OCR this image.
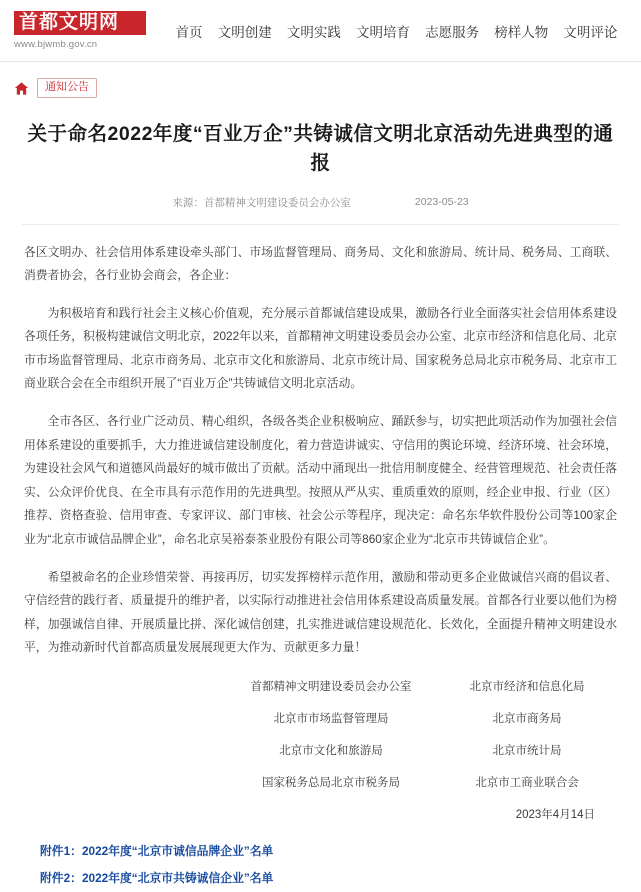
首都文明网
www.bjwmb.gov.cn
首页 文明创建 文明实践 文明培育 志愿服务 榜样人物 文明评论
通知公告
关于命名2022年度“百业万企”共铸诚信文明北京活动先进典型的通报
来源：首都精神文明建设委员会办公室	2023-05-23

各区文明办、社会信用体系建设牵头部门、市场监督管理局、商务局、文化和旅游局、统计局、税务局、工商联、消费者协会，各行业协会商会，各企业：

为积极培育和践行社会主义核心价值观，充分展示首都诚信建设成果，激励各行业全面落实社会信用体系建设各项任务，积极构建诚信文明北京，2022年以来，首都精神文明建设委员会办公室、北京市经济和信息化局、北京市市场监督管理局、北京市商务局、北京市文化和旅游局、北京市统计局、国家税务总局北京市税务局、北京市工商业联合会在全市组织开展了“百业万企”共铸诚信文明北京活动。

全市各区、各行业广泛动员、精心组织，各级各类企业积极响应、踊跃参与，切实把此项活动作为加强社会信用体系建设的重要抓手，大力推进诚信建设制度化，着力营造讲诚实、守信用的舆论环境、经济环境、社会环境，为建设社会风气和道德风尚最好的城市做出了贡献。活动中涌现出一批信用制度健全、经营管理规范、社会责任落实、公众评价优良、在全市具有示范作用的先进典型。按照从严从实、重质重效的原则，经企业申报、行业（区）推荐、资格查验、信用审查、专家评议、部门审核、社会公示等程序，现决定：命名东华软件股份公司等100家企业为“北京市诚信品牌企业”，命名北京吴裕泰茶业股份有限公司等860家企业为“北京市共铸诚信企业”。

希望被命名的企业珍惜荣誉、再接再厉，切实发挥榜样示范作用，激励和带动更多企业做诚信兴商的倡议者、守信经营的践行者、质量提升的维护者，以实际行动推进社会信用体系建设高质量发展。首都各行业要以他们为榜样，加强诚信自律、开展质量比拼、深化诚信创建，扎实推进诚信建设规范化、长效化，全面提升精神文明建设水平，为推动新时代首都高质量发展展现更大作为、贡献更多力量！

首都精神文明建设委员会办公室	北京市经济和信息化局
北京市市场监督管理局	北京市商务局
北京市文化和旅游局	北京市统计局
国家税务总局北京市税务局	北京市工商业联合会
2023年4月14日
附件1：2022年度“北京市诚信品牌企业”名单
附件2：2022年度“北京市共铸诚信企业”名单
